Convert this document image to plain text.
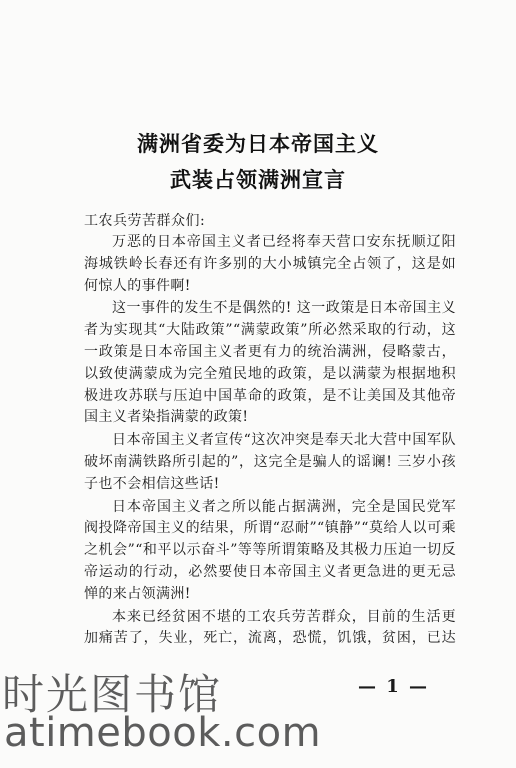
满洲省委为日本帝国主义
武装占领满洲宣言
工农兵劳苦群众们:

万恶的日本帝国主义者已经将奉天营口安东抚顺辽阳海城铁岭长春还有许多别的大小城镇完全占领了，这是如何惊人的事件啊!

这一事件的发生不是偶然的! 这一政策是日本帝国主义者为实现其“大陆政策”“满蒙政策”所必然采取的行动，这一政策是日本帝国主义者更有力的统治满洲，侵略蒙古，以致使满蒙成为完全殖民地的政策，是以满蒙为根据地积极进攻苏联与压迫中国革命的政策，是不让美国及其他帝国主义者染指满蒙的政策!

日本帝国主义者宣传“这次冲突是奉天北大营中国军队破坏南满铁路所引起的”，这完全是骗人的谣谰! 三岁小孩子也不会相信这些话!

日本帝国主义者之所以能占据满洲，完全是国民党军阀投降帝国主义的结果，所谓“忍耐”“镇静”“莫给人以可乘之机会”“和平以示奋斗”等等所谓策略及其极力压迫一切反帝运动的行动，必然要使日本帝国主义者更急进的更无忌惮的来占领满洲!

本来已经贫困不堪的工农兵劳苦群众，目前的生活更加痛苦了，失业，死亡，流离，恐慌，饥饿，贫困，已达

— 1 —
时光图书馆
atimebook.com
